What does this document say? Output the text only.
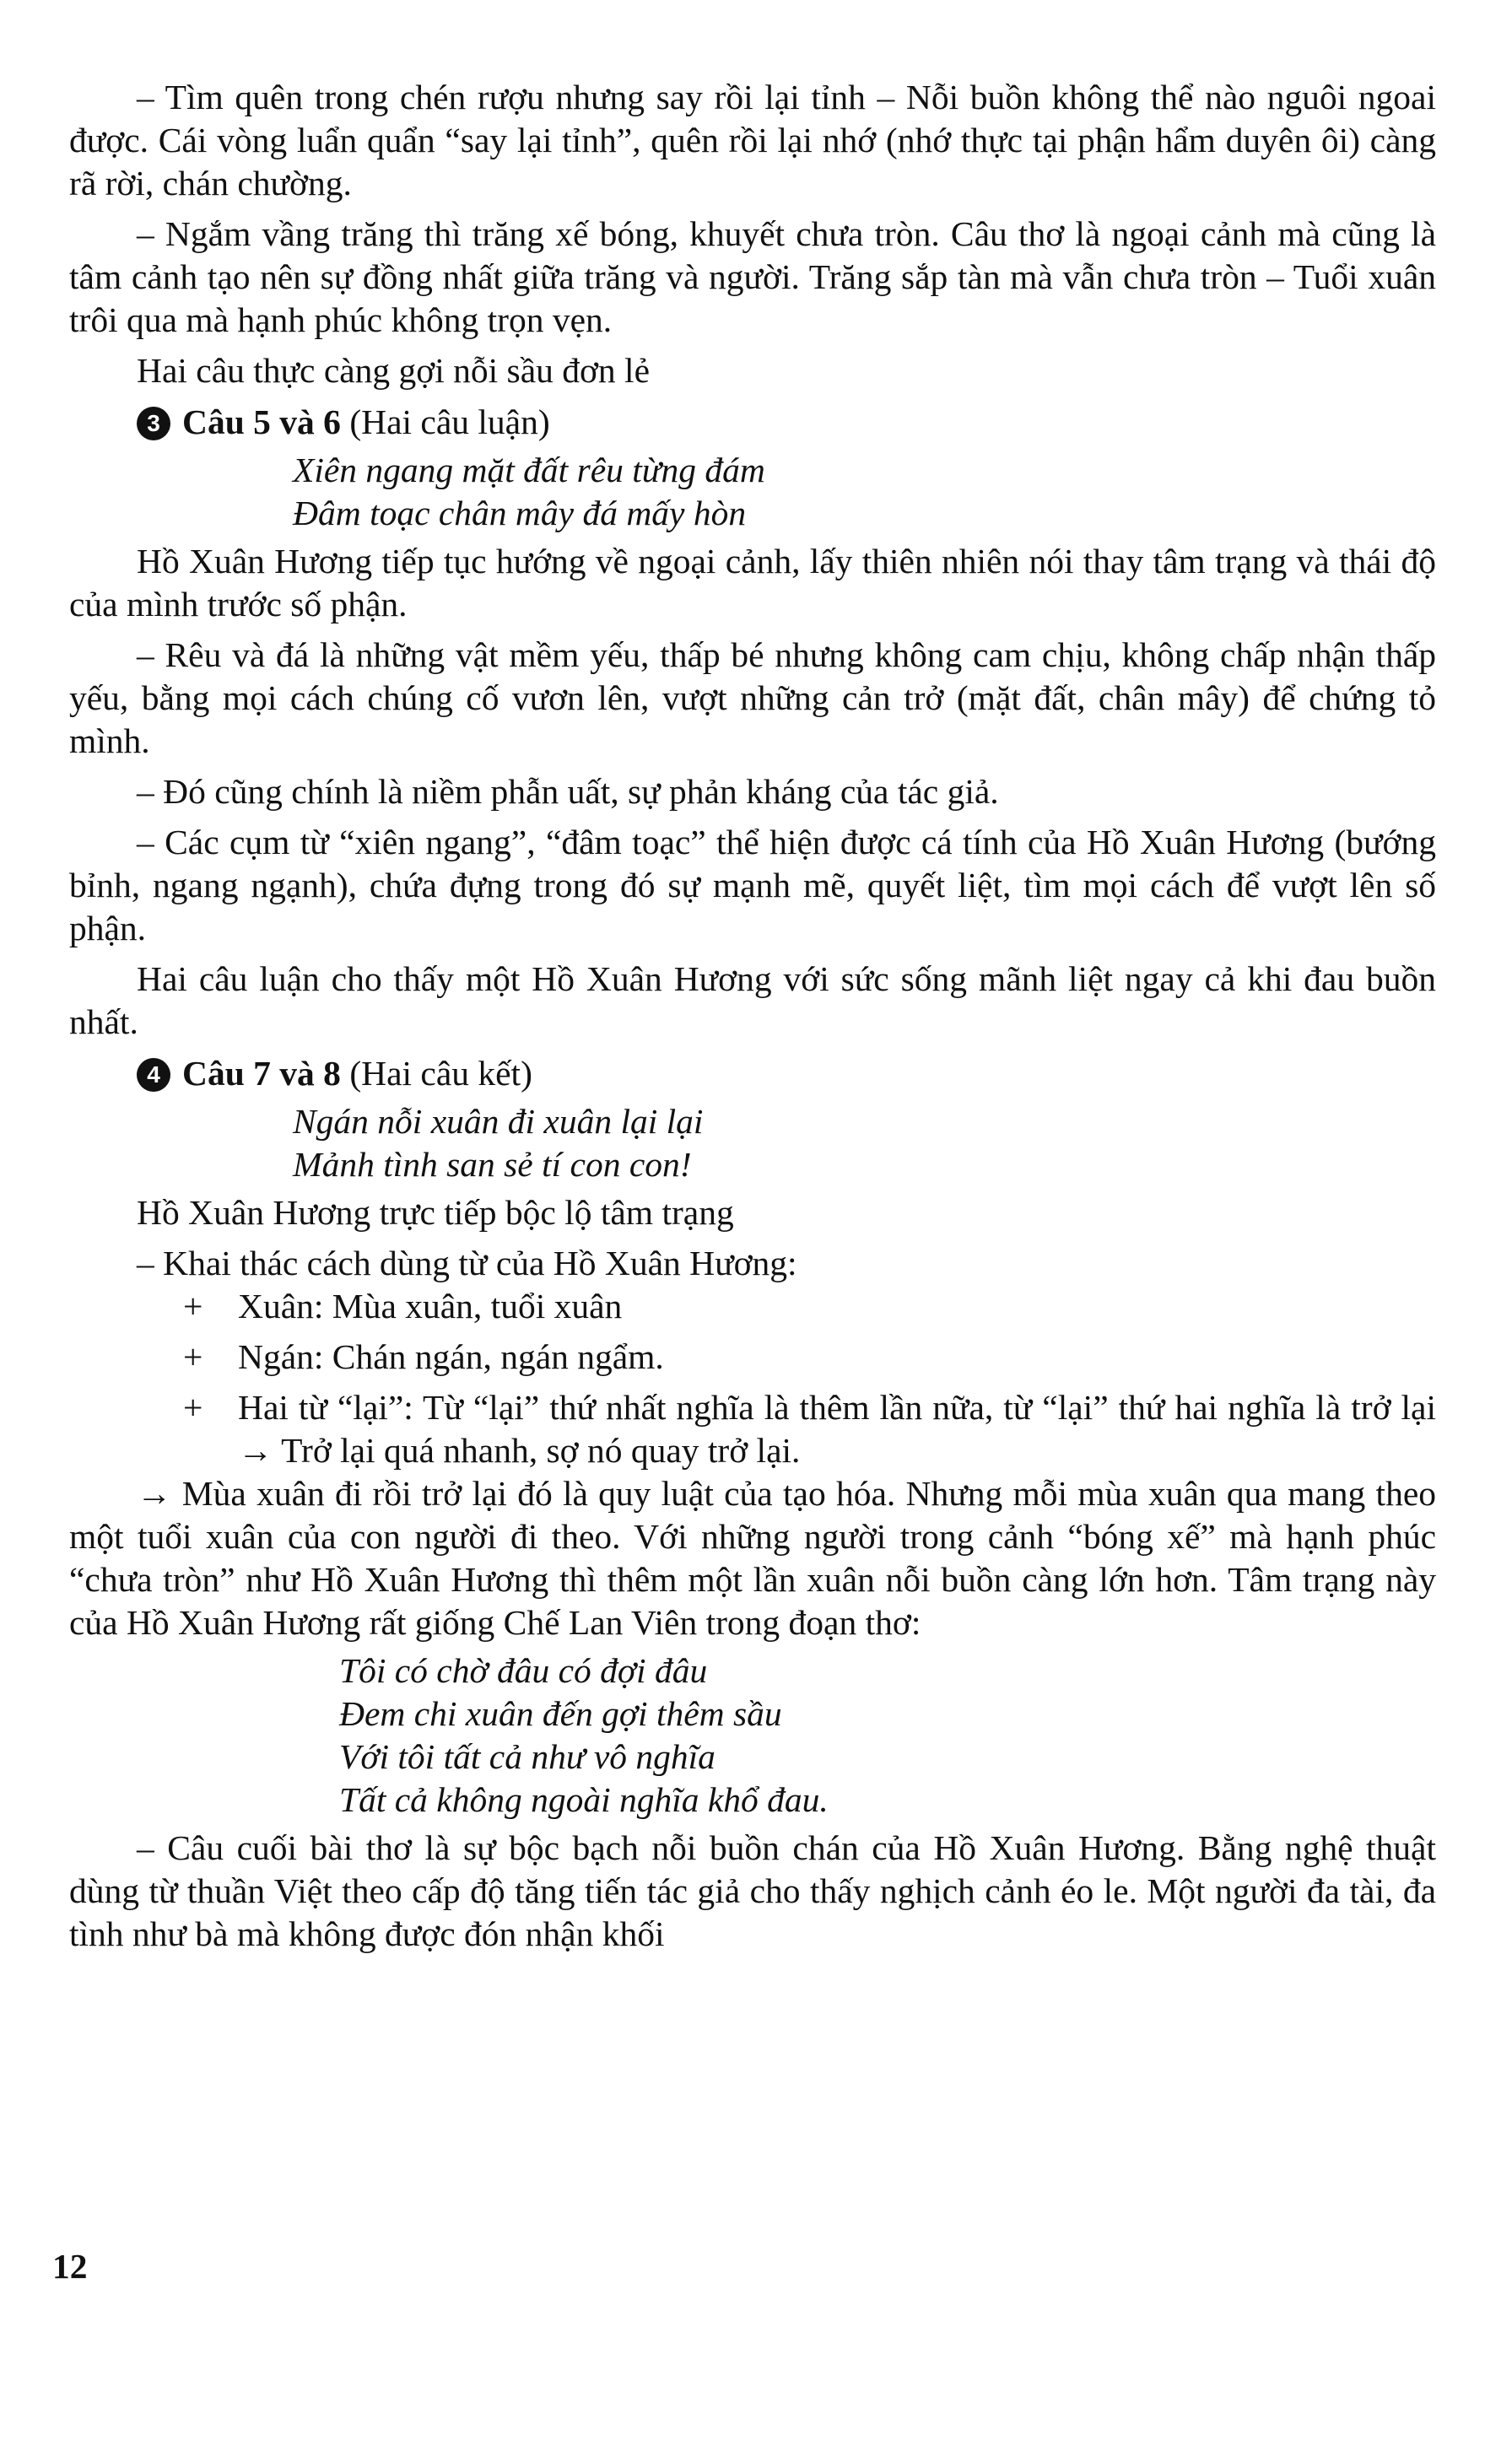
– Tìm quên trong chén rượu nhưng say rồi lại tỉnh – Nỗi buồn không thể nào nguôi ngoai được. Cái vòng luẩn quẩn “say lại tỉnh”, quên rồi lại nhớ (nhớ thực tại phận hẩm duyên ôi) càng rã rời, chán chường.

– Ngắm vầng trăng thì trăng xế bóng, khuyết chưa tròn. Câu thơ là ngoại cảnh mà cũng là tâm cảnh tạo nên sự đồng nhất giữa trăng và người. Trăng sắp tàn mà vẫn chưa tròn – Tuổi xuân trôi qua mà hạnh phúc không trọn vẹn.

Hai câu thực càng gợi nỗi sầu đơn lẻ

3 Câu 5 và 6 (Hai câu luận)
Xiên ngang mặt đất rêu từng đám
Đâm toạc chân mây đá mấy hòn

Hồ Xuân Hương tiếp tục hướng về ngoại cảnh, lấy thiên nhiên nói thay tâm trạng và thái độ của mình trước số phận.

– Rêu và đá là những vật mềm yếu, thấp bé nhưng không cam chịu, không chấp nhận thấp yếu, bằng mọi cách chúng cố vươn lên, vượt những cản trở (mặt đất, chân mây) để chứng tỏ mình.

– Đó cũng chính là niềm phẫn uất, sự phản kháng của tác giả.

– Các cụm từ “xiên ngang”, “đâm toạc” thể hiện được cá tính của Hồ Xuân Hương (bướng bỉnh, ngang ngạnh), chứa đựng trong đó sự mạnh mẽ, quyết liệt, tìm mọi cách để vượt lên số phận.

Hai câu luận cho thấy một Hồ Xuân Hương với sức sống mãnh liệt ngay cả khi đau buồn nhất.

4 Câu 7 và 8 (Hai câu kết)
Ngán nỗi xuân đi xuân lại lại
Mảnh tình san sẻ tí con con!

Hồ Xuân Hương trực tiếp bộc lộ tâm trạng

– Khai thác cách dùng từ của Hồ Xuân Hương:

+ Xuân: Mùa xuân, tuổi xuân
+ Ngán: Chán ngán, ngán ngẩm.
+ Hai từ “lại”: Từ “lại” thứ nhất nghĩa là thêm lần nữa, từ “lại” thứ hai nghĩa là trở lại → Trở lại quá nhanh, sợ nó quay trở lại.

→ Mùa xuân đi rồi trở lại đó là quy luật của tạo hóa. Nhưng mỗi mùa xuân qua mang theo một tuổi xuân của con người đi theo. Với những người trong cảnh “bóng xế” mà hạnh phúc “chưa tròn” như Hồ Xuân Hương thì thêm một lần xuân nỗi buồn càng lớn hơn. Tâm trạng này của Hồ Xuân Hương rất giống Chế Lan Viên trong đoạn thơ:

Tôi có chờ đâu có đợi đâu
Đem chi xuân đến gợi thêm sầu
Với tôi tất cả như vô nghĩa
Tất cả không ngoài nghĩa khổ đau.

– Câu cuối bài thơ là sự bộc bạch nỗi buồn chán của Hồ Xuân Hương. Bằng nghệ thuật dùng từ thuần Việt theo cấp độ tăng tiến tác giả cho thấy nghịch cảnh éo le. Một người đa tài, đa tình như bà mà không được đón nhận khối

12
